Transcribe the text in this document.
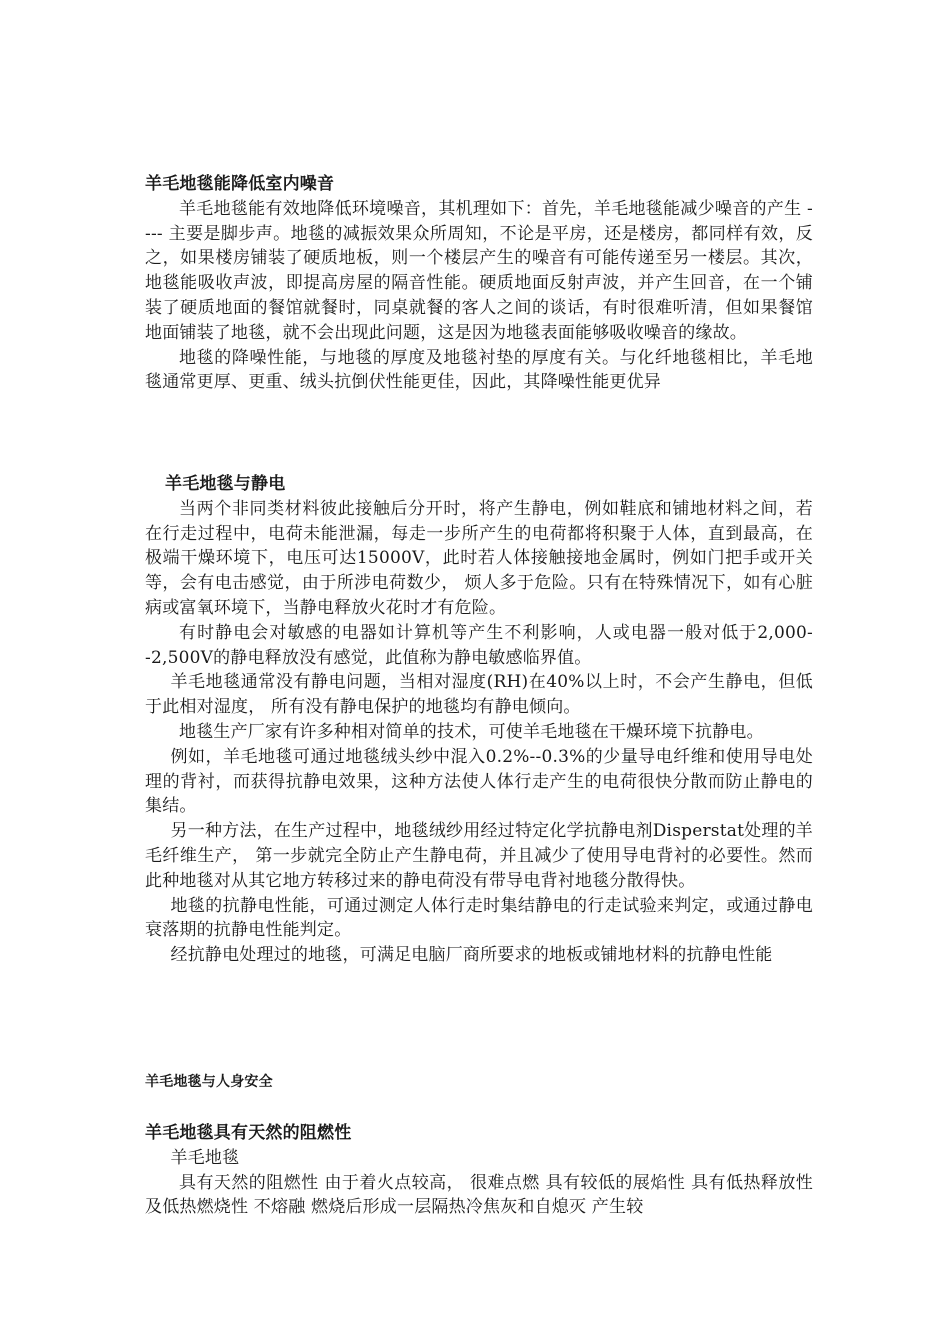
羊毛地毯能降低室内噪音

羊毛地毯能有效地降低环境噪音，其机理如下：首先，羊毛地毯能减少噪音的产生 ---- 主要是脚步声。地毯的减振效果众所周知，不论是平房，还是楼房，都同样有效，反之，如果楼房铺装了硬质地板，则一个楼层产生的噪音有可能传递至另一楼层。其次，地毯能吸收声波，即提高房屋的隔音性能。硬质地面反射声波，并产生回音，在一个铺装了硬质地面的餐馆就餐时，同桌就餐的客人之间的谈话，有时很难听清，但如果餐馆地面铺装了地毯，就不会出现此问题，这是因为地毯表面能够吸收噪音的缘故。

地毯的降噪性能，与地毯的厚度及地毯衬垫的厚度有关。与化纤地毯相比，羊毛地毯通常更厚、更重、绒头抗倒伏性能更佳，因此，其降噪性能更优异

羊毛地毯与静电

当两个非同类材料彼此接触后分开时，将产生静电，例如鞋底和铺地材料之间，若在行走过程中，电荷未能泄漏，每走一步所产生的电荷都将积聚于人体，直到最高，在极端干燥环境下，电压可达15000V，此时若人体接触接地金属时，例如门把手或开关等，会有电击感觉，由于所涉电荷数少， 烦人多于危险。只有在特殊情况下，如有心脏病或富氧环境下，当静电释放火花时才有危险。

有时静电会对敏感的电器如计算机等产生不利影响，人或电器一般对低于2,000--2,500V的静电释放没有感觉，此值称为静电敏感临界值。

羊毛地毯通常没有静电问题，当相对湿度(RH)在40%以上时，不会产生静电，但低于此相对湿度， 所有没有静电保护的地毯均有静电倾向。

地毯生产厂家有许多种相对简单的技术，可使羊毛地毯在干燥环境下抗静电。

例如，羊毛地毯可通过地毯绒头纱中混入0.2%--0.3%的少量导电纤维和使用导电处理的背衬，而获得抗静电效果，这种方法使人体行走产生的电荷很快分散而防止静电的集结。

另一种方法，在生产过程中，地毯绒纱用经过特定化学抗静电剂Disperstat处理的羊毛纤维生产， 第一步就完全防止产生静电荷，并且减少了使用导电背衬的必要性。然而此种地毯对从其它地方转移过来的静电荷没有带导电背衬地毯分散得快。

地毯的抗静电性能，可通过测定人体行走时集结静电的行走试验来判定，或通过静电衰落期的抗静电性能判定。

经抗静电处理过的地毯，可满足电脑厂商所要求的地板或铺地材料的抗静电性能

羊毛地毯与人身安全
羊毛地毯具有天然的阻燃性

羊毛地毯

具有天然的阻燃性 由于着火点较高， 很难点燃 具有较低的展焰性 具有低热释放性及低热燃烧性 不熔融 燃烧后形成一层隔热冷焦灰和自熄灭 产生较
